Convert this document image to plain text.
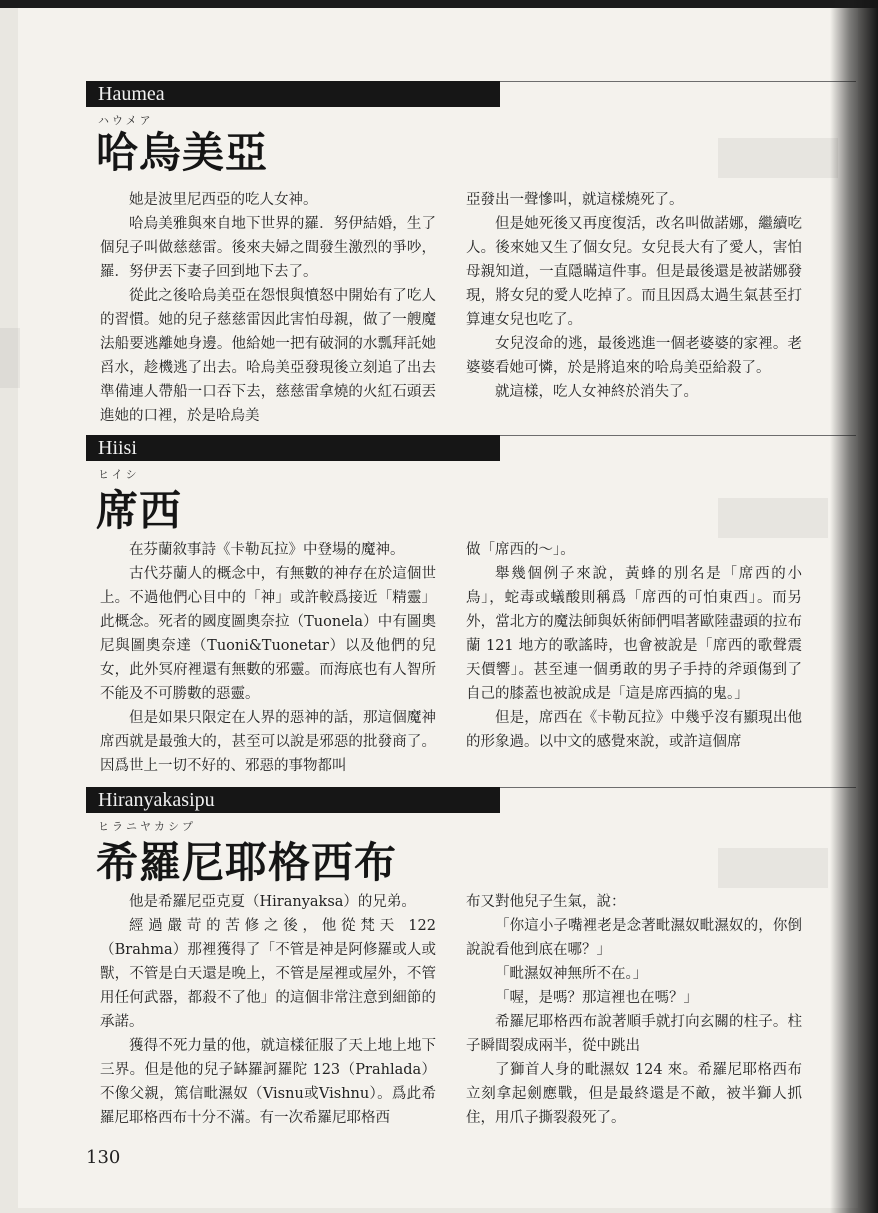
Haumea
ハウメア
哈烏美亞

她是波里尼西亞的吃人女神。

哈烏美雅與來自地下世界的羅．努伊結婚，生了個兒子叫做慈慈雷。後來夫婦之間發生激烈的爭吵，羅．努伊丟下妻子回到地下去了。

從此之後哈烏美亞在怨恨與憤怒中開始有了吃人的習慣。她的兒子慈慈雷因此害怕母親，做了一艘魔法船要逃離她身邊。他給她一把有破洞的水瓢拜託她舀水，趁機逃了出去。哈烏美亞發現後立刻追了出去準備連人帶船一口吞下去，慈慈雷拿燒的火紅石頭丟進她的口裡，於是哈烏美

亞發出一聲慘叫，就這樣燒死了。

但是她死後又再度復活，改名叫做諾娜，繼續吃人。後來她又生了個女兒。女兒長大有了愛人，害怕母親知道，一直隱瞞這件事。但是最後還是被諾娜發現，將女兒的愛人吃掉了。而且因爲太過生氣甚至打算連女兒也吃了。

女兒沒命的逃，最後逃進一個老婆婆的家裡。老婆婆看她可憐，於是將追來的哈烏美亞給殺了。

就這樣，吃人女神終於消失了。

Hiisi
ヒイシ
席西

在芬蘭敘事詩《卡勒瓦拉》中登場的魔神。

古代芬蘭人的概念中，有無數的神存在於這個世上。不過他們心目中的「神」或許較爲接近「精靈」此概念。死者的國度圖奧奈拉（Tuonela）中有圖奧尼與圖奧奈達（Tuoni&Tuonetar）以及他們的兒女，此外冥府裡還有無數的邪靈。而海底也有人智所不能及不可勝數的惡靈。

但是如果只限定在人界的惡神的話，那這個魔神席西就是最強大的，甚至可以說是邪惡的批發商了。因爲世上一切不好的、邪惡的事物都叫

做「席西的～」。

舉幾個例子來說，黃蜂的別名是「席西的小鳥」，蛇毒或蟻酸則稱爲「席西的可怕東西」。而另外，當北方的魔法師與妖術師們唱著歐陸盡頭的拉布蘭 121 地方的歌謠時，也會被說是「席西的歌聲震天價響」。甚至連一個勇敢的男子手持的斧頭傷到了自己的膝蓋也被說成是「這是席西搞的鬼。」

但是，席西在《卡勒瓦拉》中幾乎沒有顯現出他的形象過。以中文的感覺來說，或許這個席

Hiranyakasipu
ヒラニヤカシプ
希羅尼耶格西布

他是希羅尼亞克夏（Hiranyaksa）的兄弟。

經過嚴苛的苦修之後，他從梵天 122（Brahma）那裡獲得了「不管是神是阿修羅或人或獸，不管是白天還是晚上，不管是屋裡或屋外，不管用任何武器，都殺不了他」的這個非常注意到細節的承諾。

獲得不死力量的他，就這樣征服了天上地上地下三界。但是他的兒子缽羅訶羅陀 123（Prahlada）不像父親，篤信毗濕奴（Visnu或Vishnu）。爲此希羅尼耶格西布十分不滿。有一次希羅尼耶格西

布又對他兒子生氣，說：

「你這小子嘴裡老是念著毗濕奴毗濕奴的，你倒說說看他到底在哪？」

「毗濕奴神無所不在。」

「喔，是嗎？那這裡也在嗎？」

希羅尼耶格西布說著順手就打向玄關的柱子。柱子瞬間裂成兩半，從中跳出

了獅首人身的毗濕奴 124 來。希羅尼耶格西布立刻拿起劍應戰，但是最終還是不敵，被半獅人抓住，用爪子撕裂殺死了。

130
